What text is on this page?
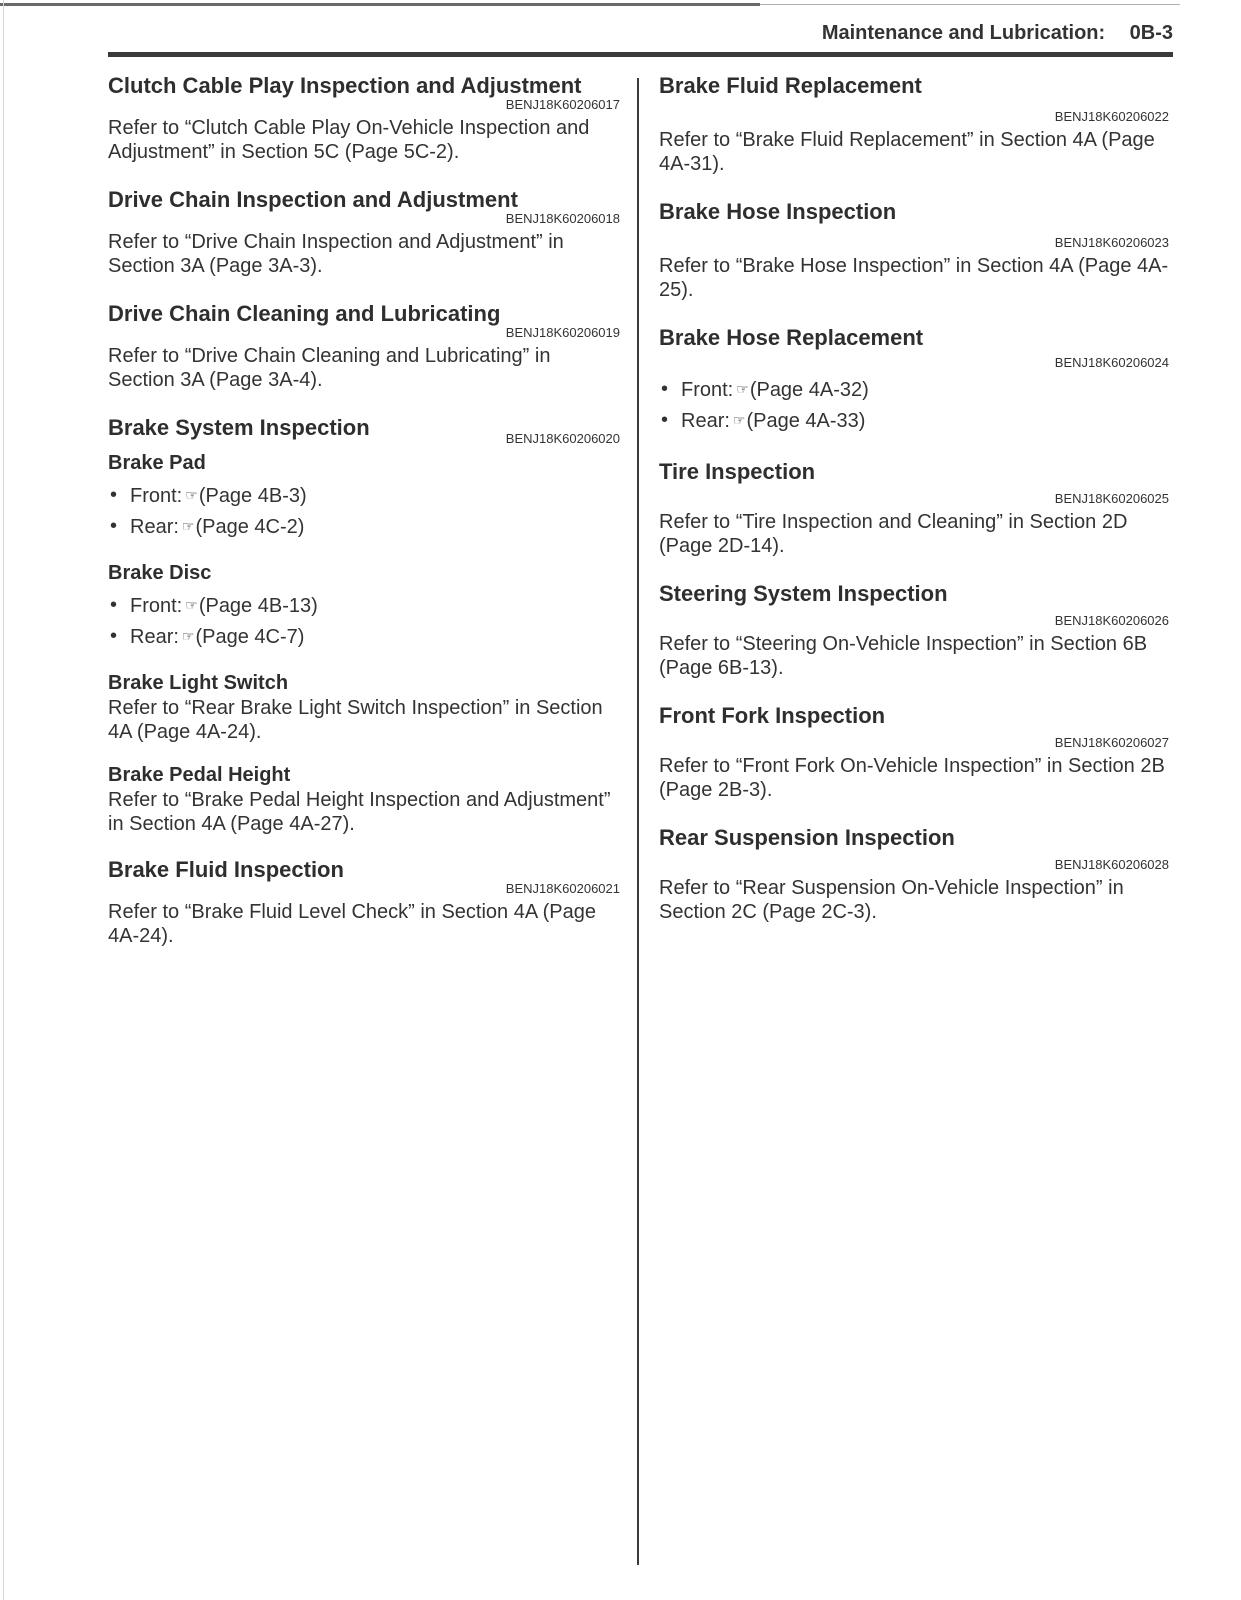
Maintenance and Lubrication: 0B-3
Clutch Cable Play Inspection and Adjustment
BENJ18K60206017
Refer to “Clutch Cable Play On-Vehicle Inspection and Adjustment” in Section 5C (Page 5C-2).
Drive Chain Inspection and Adjustment
BENJ18K60206018
Refer to “Drive Chain Inspection and Adjustment” in Section 3A (Page 3A-3).
Drive Chain Cleaning and Lubricating
BENJ18K60206019
Refer to “Drive Chain Cleaning and Lubricating” in Section 3A (Page 3A-4).
Brake System Inspection	BENJ18K60206020
Brake Pad
• Front: ☞(Page 4B-3)
• Rear: ☞(Page 4C-2)
Brake Disc
• Front: ☞(Page 4B-13)
• Rear: ☞(Page 4C-7)
Brake Light Switch
Refer to “Rear Brake Light Switch Inspection” in Section 4A (Page 4A-24).
Brake Pedal Height
Refer to “Brake Pedal Height Inspection and Adjustment” in Section 4A (Page 4A-27).
Brake Fluid Inspection
BENJ18K60206021
Refer to “Brake Fluid Level Check” in Section 4A (Page 4A-24).
Brake Fluid Replacement
BENJ18K60206022
Refer to “Brake Fluid Replacement” in Section 4A (Page 4A-31).
Brake Hose Inspection
BENJ18K60206023
Refer to “Brake Hose Inspection” in Section 4A (Page 4A-25).
Brake Hose Replacement
BENJ18K60206024
• Front: ☞(Page 4A-32)
• Rear: ☞(Page 4A-33)
Tire Inspection
BENJ18K60206025
Refer to “Tire Inspection and Cleaning” in Section 2D (Page 2D-14).
Steering System Inspection
BENJ18K60206026
Refer to “Steering On-Vehicle Inspection” in Section 6B (Page 6B-13).
Front Fork Inspection
BENJ18K60206027
Refer to “Front Fork On-Vehicle Inspection” in Section 2B (Page 2B-3).
Rear Suspension Inspection
BENJ18K60206028
Refer to “Rear Suspension On-Vehicle Inspection” in Section 2C (Page 2C-3).
